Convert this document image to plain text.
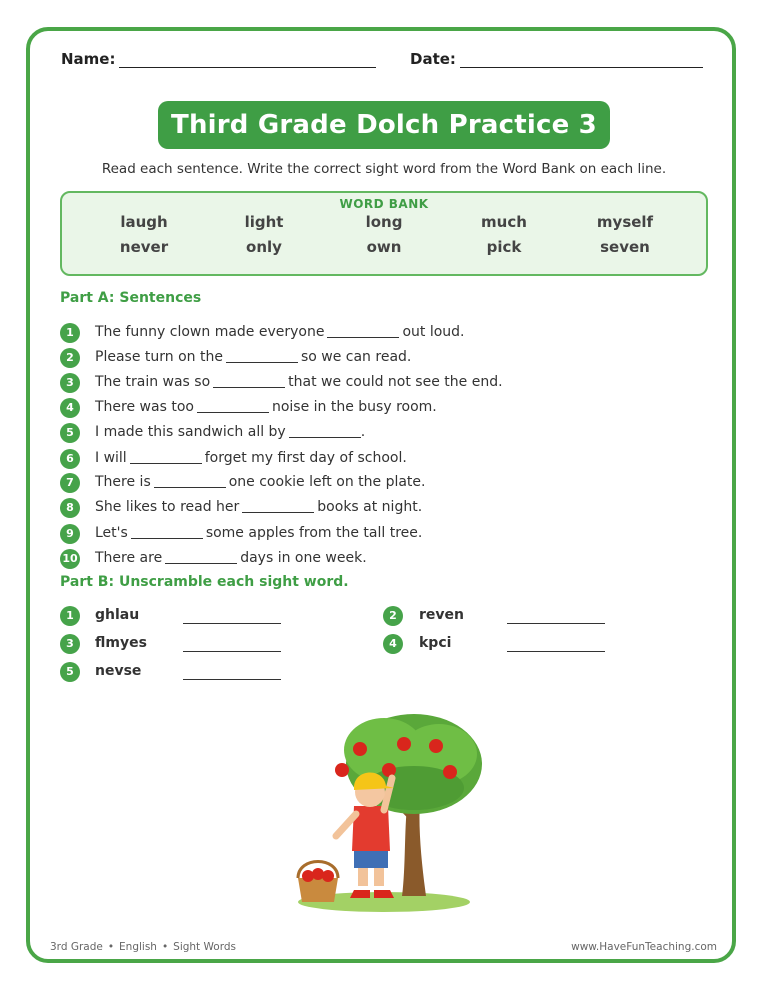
Name:	Date:
Third Grade Dolch Practice 3
Read each sentence. Write the correct sight word from the Word Bank on each line.
WORD BANK
laugh	light	long	much	myself
never	only	own	pick	seven
Part A: Sentences
1	The funny clown made everyone	out loud.
2	Please turn on the	so we can read.
3	The train was so	that we could not see the end.
4	There was too	noise in the busy room.
5	I made this sandwich all by	.
6	I will	forget my first day of school.
7	There is	one cookie left on the plate.
8	She likes to read her	books at night.
9	Let's	some apples from the tall tree.
10 There are	days in one week.
Part B: Unscramble each sight word.
1	ghlau	2	reven
3	flmyes	4	kpci
5	nevse
3rd Grade • English • Sight Words	www.HaveFunTeaching.com
